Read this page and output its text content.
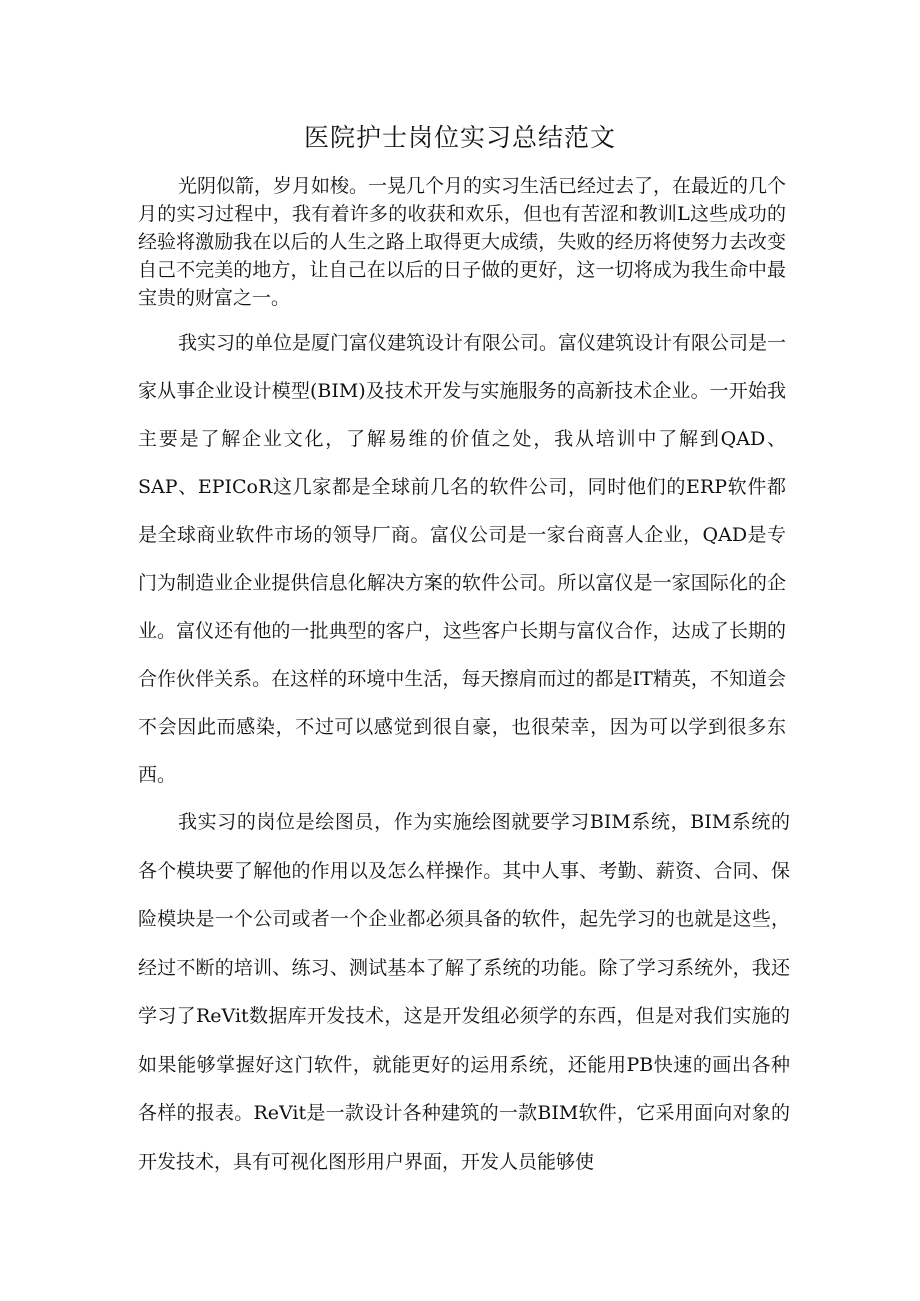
医院护士岗位实习总结范文

光阴似箭，岁月如梭。一晃几个月的实习生活已经过去了，在最近的几个月的实习过程中，我有着许多的收获和欢乐，但也有苦涩和教训L这些成功的经验将激励我在以后的人生之路上取得更大成绩，失败的经历将使努力去改变自己不完美的地方，让自己在以后的日子做的更好，这一切将成为我生命中最宝贵的财富之一。

我实习的单位是厦门富仪建筑设计有限公司。富仪建筑设计有限公司是一家从事企业设计模型(BIM)及技术开发与实施服务的高新技术企业。一开始我主要是了解企业文化，了解易维的价值之处，我从培训中了解到QAD、SAP、EPICoR这几家都是全球前几名的软件公司，同时他们的ERP软件都是全球商业软件市场的领导厂商。富仪公司是一家台商喜人企业，QAD是专门为制造业企业提供信息化解决方案的软件公司。所以富仪是一家国际化的企业。富仪还有他的一批典型的客户，这些客户长期与富仪合作，达成了长期的合作伙伴关系。在这样的环境中生活，每天擦肩而过的都是IT精英，不知道会不会因此而感染，不过可以感觉到很自豪，也很荣幸，因为可以学到很多东西。

我实习的岗位是绘图员，作为实施绘图就要学习BIM系统，BIM系统的各个模块要了解他的作用以及怎么样操作。其中人事、考勤、薪资、合同、保险模块是一个公司或者一个企业都必须具备的软件，起先学习的也就是这些，经过不断的培训、练习、测试基本了解了系统的功能。除了学习系统外，我还学习了ReVit数据库开发技术，这是开发组必须学的东西，但是对我们实施的如果能够掌握好这门软件，就能更好的运用系统，还能用PB快速的画出各种各样的报表。ReVit是一款设计各种建筑的一款BIM软件，它采用面向对象的开发技术，具有可视化图形用户界面，开发人员能够使
